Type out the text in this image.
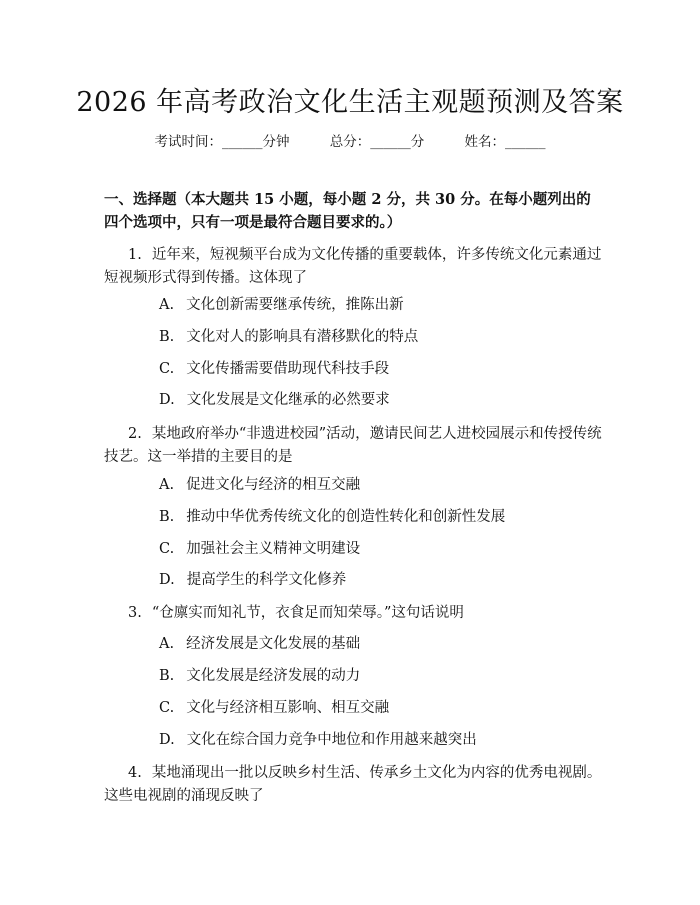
2026 年高考政治文化生活主观题预测及答案
考试时间：______分钟	总分：______分	姓名：______
一、选择题（本大题共 15 小题，每小题 2 分，共 30 分。在每小题列出的四个选项中，只有一项是最符合题目要求的。）
1. 近年来，短视频平台成为文化传播的重要载体，许多传统文化元素通过短视频形式得到传播。这体现了
A. 文化创新需要继承传统，推陈出新
B. 文化对人的影响具有潜移默化的特点
C. 文化传播需要借助现代科技手段
D. 文化发展是文化继承的必然要求
2. 某地政府举办“非遗进校园”活动，邀请民间艺人进校园展示和传授传统技艺。这一举措的主要目的是
A. 促进文化与经济的相互交融
B. 推动中华优秀传统文化的创造性转化和创新性发展
C. 加强社会主义精神文明建设
D. 提高学生的科学文化修养
3. “仓廪实而知礼节，衣食足而知荣辱。”这句话说明
A. 经济发展是文化发展的基础
B. 文化发展是经济发展的动力
C. 文化与经济相互影响、相互交融
D. 文化在综合国力竞争中地位和作用越来越突出
4. 某地涌现出一批以反映乡村生活、传承乡土文化为内容的优秀电视剧。这些电视剧的涌现反映了
